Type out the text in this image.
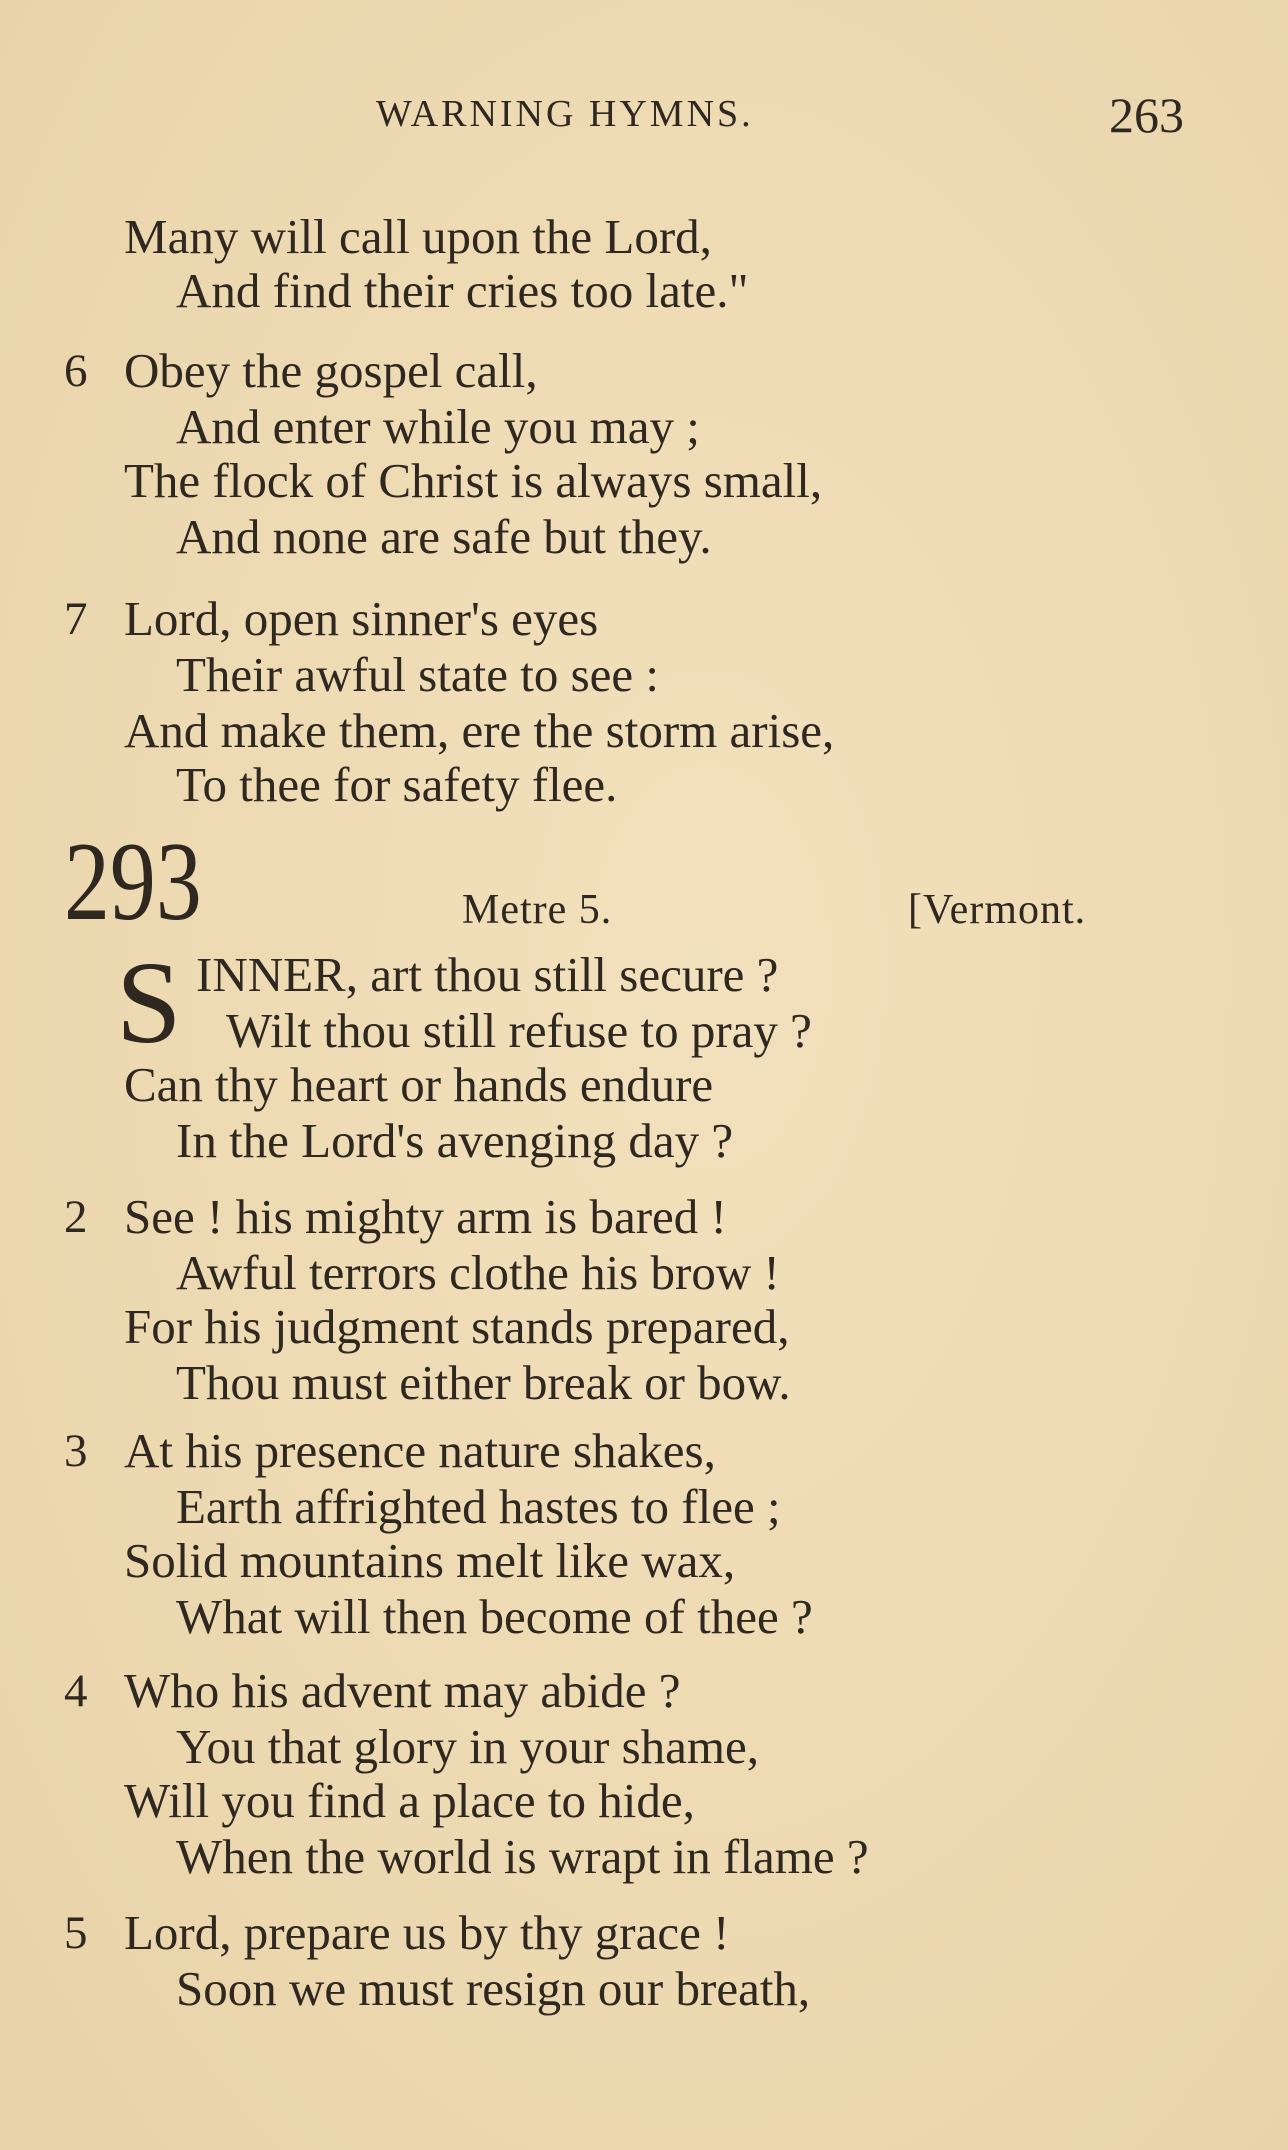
WARNING HYMNS.	263
Many will call upon the Lord,
And find their cries too late."
6 Obey the gospel call,
And enter while you may ;
The flock of Christ is always small,
And none are safe but they.
7 Lord, open sinner's eyes
Their awful state to see :
And make them, ere the storm arise,
To thee for safety flee.
293	Metre 5.	[Vermont.
S INNER, art thou still secure ?
Wilt thou still refuse to pray ?
Can thy heart or hands endure
In the Lord's avenging day ?
2 See ! his mighty arm is bared !
Awful terrors clothe his brow !
For his judgment stands prepared,
Thou must either break or bow.
3 At his presence nature shakes,
Earth affrighted hastes to flee ;
Solid mountains melt like wax,
What will then become of thee ?
4 Who his advent may abide ?
You that glory in your shame,
Will you find a place to hide,
When the world is wrapt in flame ?
5 Lord, prepare us by thy grace !
Soon we must resign our breath,
